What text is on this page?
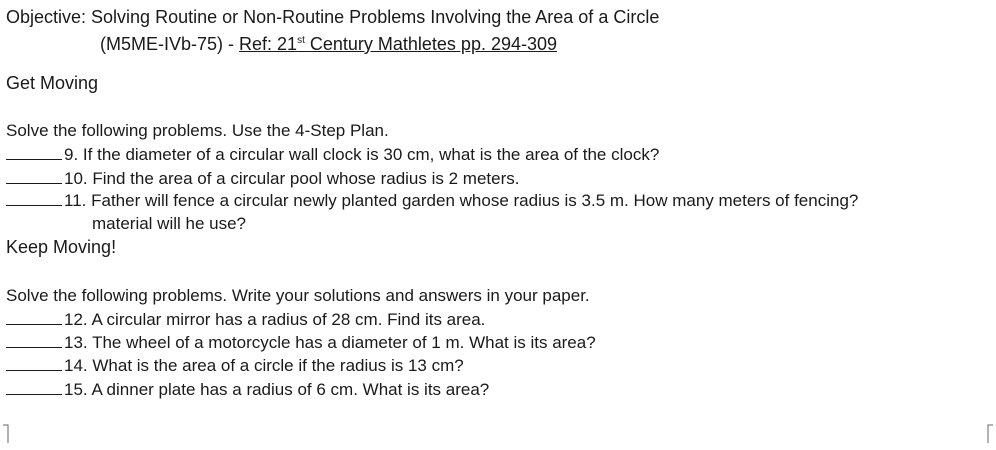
Objective: Solving Routine or Non-Routine Problems Involving the Area of a Circle
(M5ME-IVb-75) - Ref: 21st Century Mathletes pp. 294-309
Get Moving
Solve the following problems. Use the 4-Step Plan.
9. If the diameter of a circular wall clock is 30 cm, what is the area of the clock?
10. Find the area of a circular pool whose radius is 2 meters.
11. Father will fence a circular newly planted garden whose radius is 3.5 m. How many meters of fencing?
material will he use?
Keep Moving!
Solve the following problems. Write your solutions and answers in your paper.
12. A circular mirror has a radius of 28 cm. Find its area.
13. The wheel of a motorcycle has a diameter of 1 m. What is its area?
14. What is the area of a circle if the radius is 13 cm?
15. A dinner plate has a radius of 6 cm. What is its area?
